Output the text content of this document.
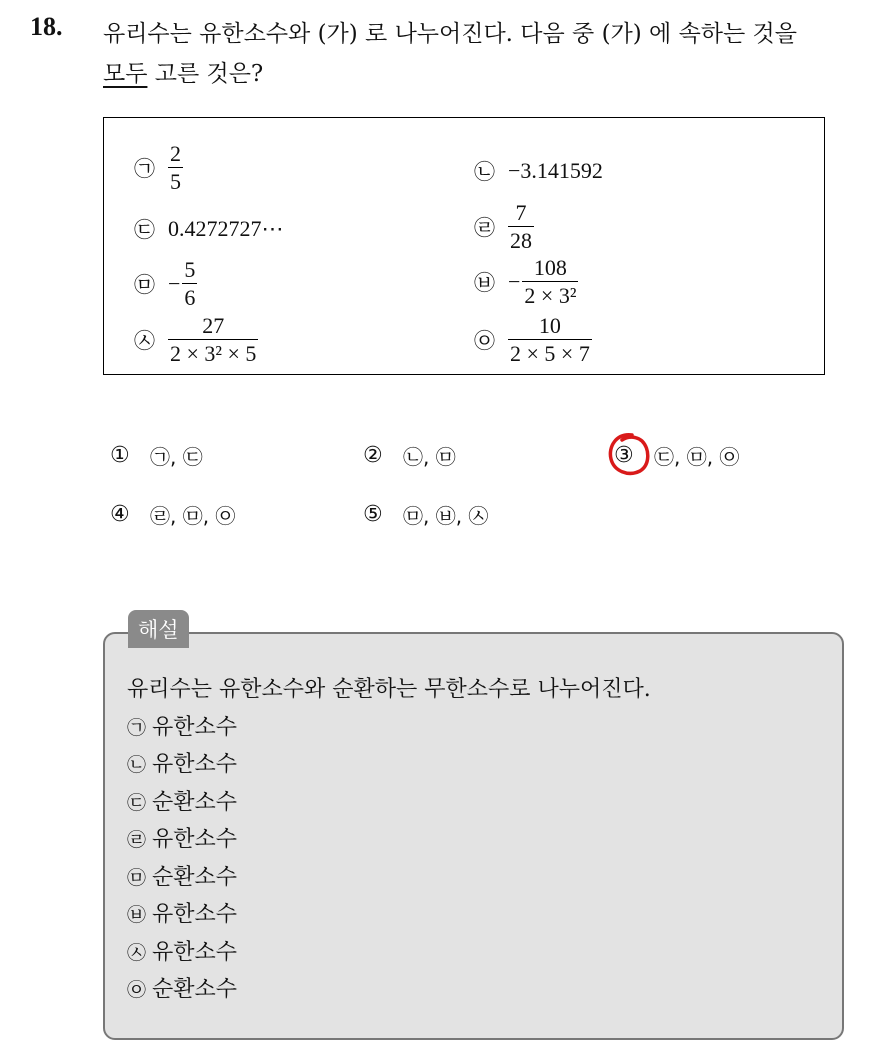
18. 유리수는 유한소수와 (가) 로 나누어진다. 다음 중 (가) 에 속하는 것을
모두 고른 것은?
㉠ $\frac{2}{5}$	㉡ −3.141592
㉢ 0.4272727⋯	㉣ $\frac{7}{28}$
㉤ − $\frac{5}{6}$	㉥ − $\frac{108}{\text{2 × 3²}}$
㉦ $\frac{27}{\text{2 × 3² × 5}}$	㉧ $\frac{10}{2 \times 5 \times 7}$
①	㉠, ㉢	②	㉡, ㉤	③	㉢, ㉤, ㉧
④	㉣, ㉤, ㉧	⑤	㉤, ㉥, ㉦
해설
유리수는 유한소수와 순환하는 무한소수로 나누어진다.
㉠ 유한소수
㉡ 유한소수
㉢ 순환소수
㉣ 유한소수
㉤ 순환소수
㉥ 유한소수
㉦ 유한소수
㉧ 순환소수
